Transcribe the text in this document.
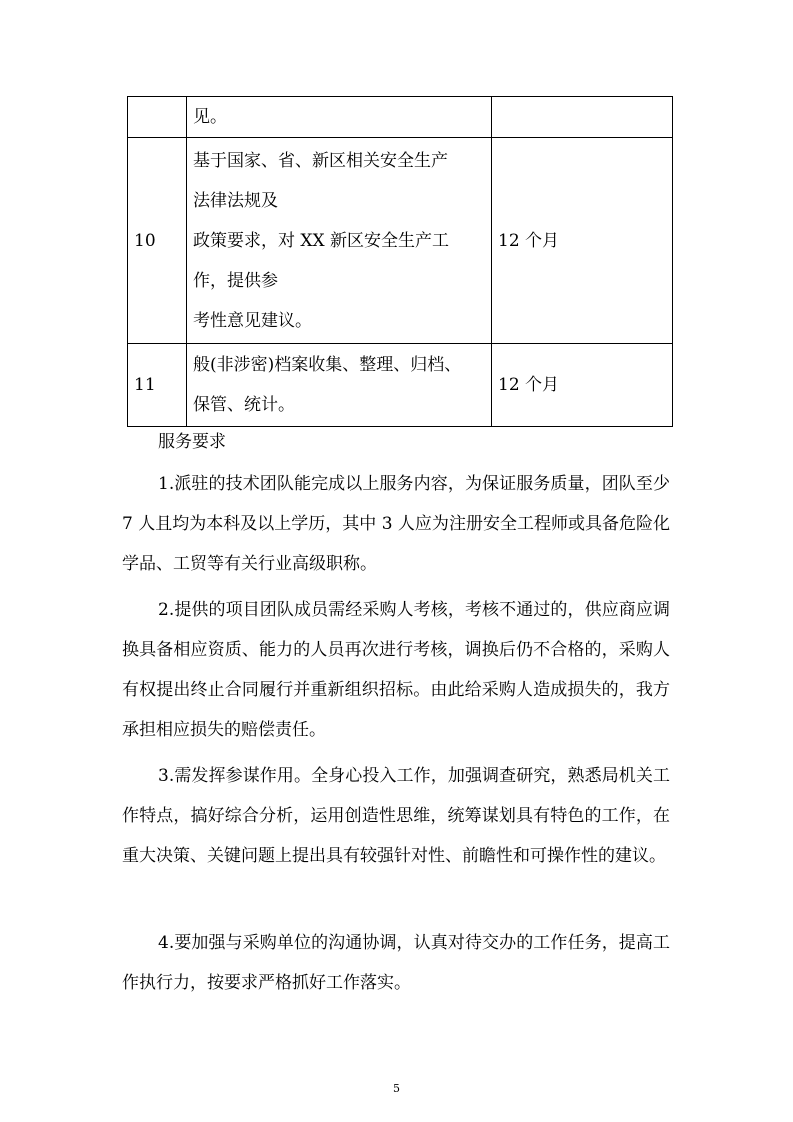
	见。	

10	基于国家、省、新区相关安全生产
法律法规及
政策要求，对 XX 新区安全生产工
作，提供参
考性意见建议。	12 个月
11	般(非涉密)档案收集、整理、归档、
保管、统计。	12 个月
服务要求

1.派驻的技术团队能完成以上服务内容，为保证服务质量，团队至少 7 人且均为本科及以上学历，其中 3 人应为注册安全工程师或具备危险化学品、工贸等有关行业高级职称。

2.提供的项目团队成员需经采购人考核，考核不通过的，供应商应调换具备相应资质、能力的人员再次进行考核，调换后仍不合格的，采购人有权提出终止合同履行并重新组织招标。由此给采购人造成损失的，我方承担相应损失的赔偿责任。

3.需发挥参谋作用。全身心投入工作，加强调查研究，熟悉局机关工作特点，搞好综合分析，运用创造性思维，统筹谋划具有特色的工作，在重大决策、关键问题上提出具有较强针对性、前瞻性和可操作性的建议。

4.要加强与采购单位的沟通协调，认真对待交办的工作任务，提高工作执行力，按要求严格抓好工作落实。

5
